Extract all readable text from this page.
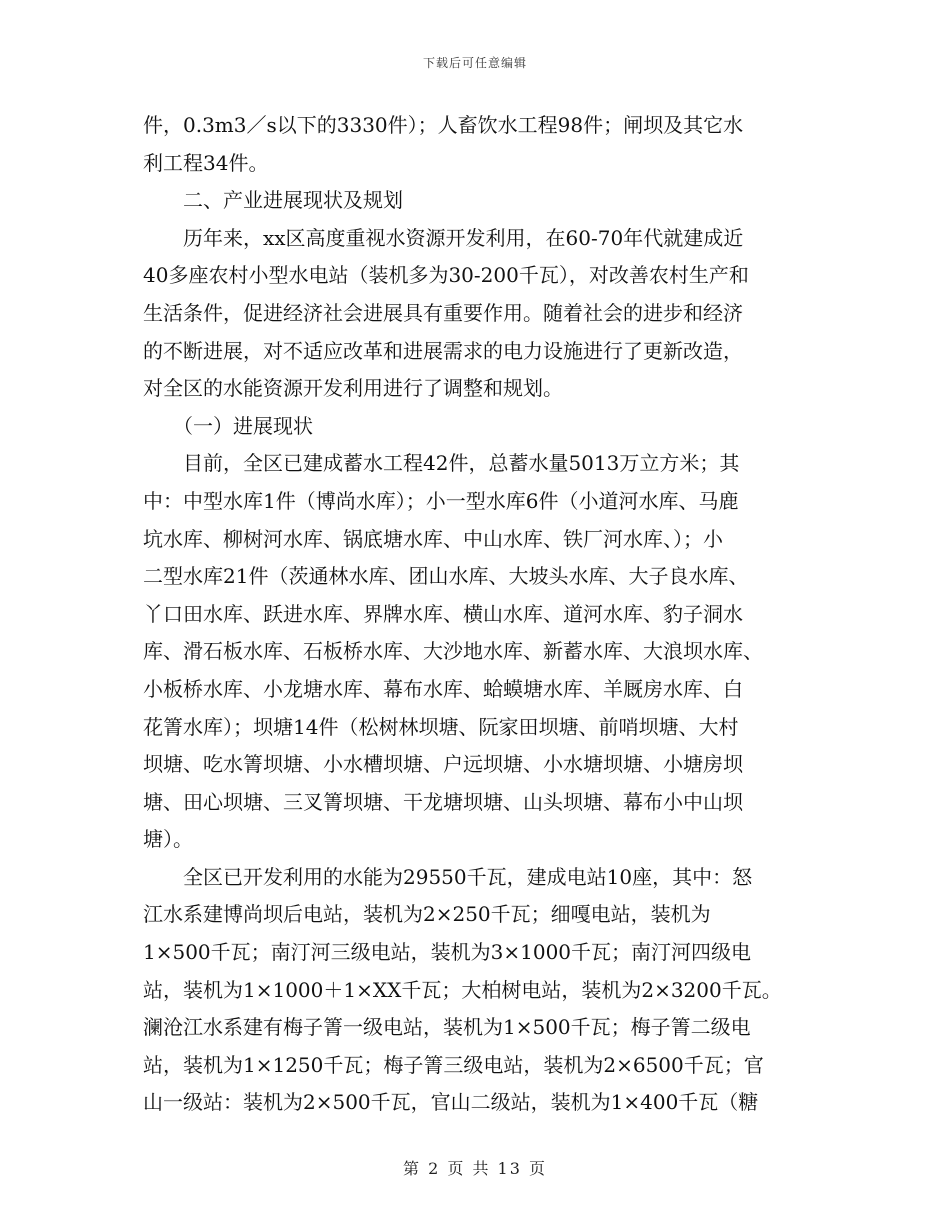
下载后可任意编辑

件，0.3m3／s以下的3330件）；人畜饮水工程98件；闸坝及其它水

利工程34件。

　　二、产业进展现状及规划

　　历年来，xx区高度重视水资源开发利用，在60-70年代就建成近

40多座农村小型水电站（装机多为30-200千瓦），对改善农村生产和

生活条件，促进经济社会进展具有重要作用。随着社会的进步和经济

的不断进展，对不适应改革和进展需求的电力设施进行了更新改造，

对全区的水能资源开发利用进行了调整和规划。

　　（一）进展现状

　　目前，全区已建成蓄水工程42件，总蓄水量5013万立方米；其

中：中型水库1件（博尚水库）；小一型水库6件（小道河水库、马鹿

坑水库、柳树河水库、锅底塘水库、中山水库、铁厂河水库、）；小

二型水库21件（茨通林水库、团山水库、大坡头水库、大子良水库、

丫口田水库、跃进水库、界牌水库、横山水库、道河水库、豹子洞水

库、滑石板水库、石板桥水库、大沙地水库、新蓄水库、大浪坝水库、

小板桥水库、小龙塘水库、幕布水库、蛤蟆塘水库、羊厩房水库、白

花箐水库）；坝塘14件（松树林坝塘、阮家田坝塘、前哨坝塘、大村

坝塘、吃水箐坝塘、小水槽坝塘、户远坝塘、小水塘坝塘、小塘房坝

塘、田心坝塘、三叉箐坝塘、干龙塘坝塘、山头坝塘、幕布小中山坝

塘）。

　　全区已开发利用的水能为29550千瓦，建成电站10座，其中：怒

江水系建博尚坝后电站，装机为2×250千瓦；细嘎电站，装机为

1×500千瓦；南汀河三级电站，装机为3×1000千瓦；南汀河四级电

站，装机为1×1000＋1×XX千瓦；大柏树电站，装机为2×3200千瓦。

澜沧江水系建有梅子箐一级电站，装机为1×500千瓦；梅子箐二级电

站，装机为1×1250千瓦；梅子箐三级电站，装机为2×6500千瓦；官

山一级站：装机为2×500千瓦，官山二级站，装机为1×400千瓦（糖

第 2 页 共 13 页
